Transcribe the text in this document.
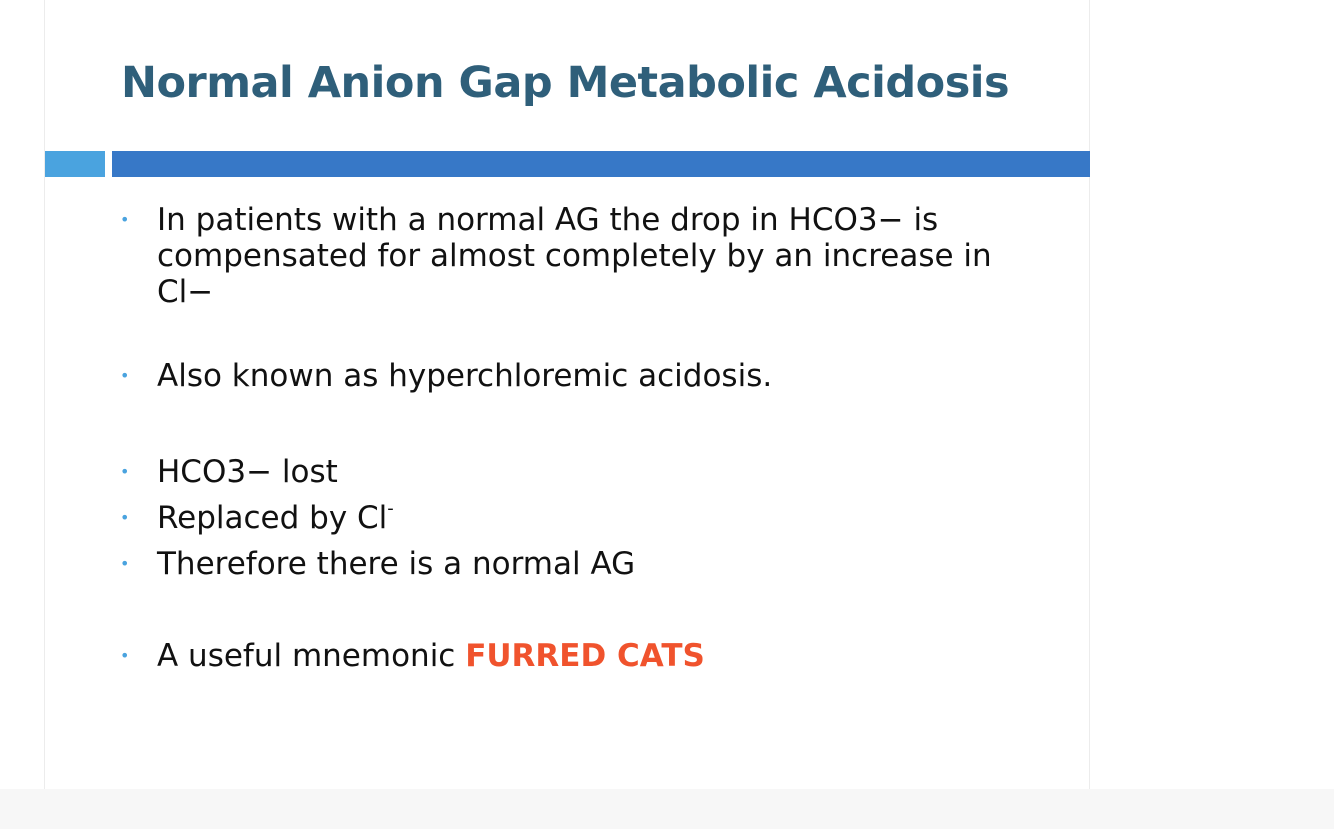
Normal Anion Gap Metabolic Acidosis
• In patients with a normal AG the drop in HCO3− is compensated for almost completely by an increase in Cl−
• Also known as hyperchloremic acidosis.
• HCO3− lost
• Replaced by Cl-
• Therefore there is a normal AG
• A useful mnemonic FURRED CATS
